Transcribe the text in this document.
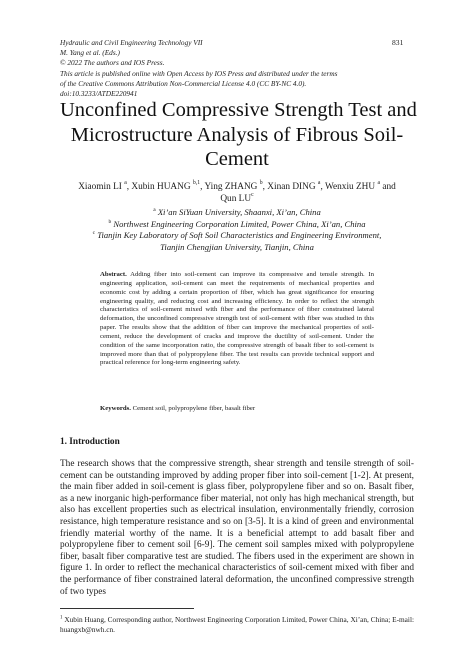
Hydraulic and Civil Engineering Technology VII
M. Yang et al. (Eds.)
© 2022 The authors and IOS Press.
This article is published online with Open Access by IOS Press and distributed under the terms
of the Creative Commons Attribution Non-Commercial License 4.0 (CC BY-NC 4.0).
doi:10.3233/ATDE220941
831
Unconfined Compressive Strength Test and
Microstructure Analysis of Fibrous Soil-
Cement
Xiaomin LI $^a$, Xubin HUANG $^{b,1}$, Ying ZHANG $^b$, Xinan DING $^a$, Wenxiu ZHU $^a$ and
Qun $LU^c$
$^a$ Xi’an SiYuan University, Shaanxi, Xi’an, China
$^b$ Northwest Engineering Corporation Limited, Power China, Xi’an, China
$^c$ Tianjin Key Laboratory of Soft Soil Characteristics and Engineering Environment,
Tianjin Chengjian University, Tianjin, China
Abstract. Adding fiber into soil-cement can improve its compressive and tensile strength. In engineering application, soil-cement can meet the requirements of mechanical properties and economic cost by adding a certain proportion of fiber, which has great significance for ensuring engineering quality, and reducing cost and increasing efficiency. In order to reflect the strength characteristics of soil-cement mixed with fiber and the performance of fiber constrained lateral deformation, the unconfined compressive strength test of soil-cement with fiber was studied in this paper. The results show that the addition of fiber can improve the mechanical properties of soil-cement, reduce the development of cracks and improve the ductility of soil-cement. Under the condition of the same incorporation ratio, the compressive strength of basalt fiber to soil-cement is improved more than that of polypropylene fiber. The test results can provide technical support and practical reference for long-term engineering safety.
Keywords. Cement soil, polypropylene fiber, basalt fiber
1. Introduction
The research shows that the compressive strength, shear strength and tensile strength of soil-cement can be outstanding improved by adding proper fiber into soil-cement [1-2]. At present, the main fiber added in soil-cement is glass fiber, polypropylene fiber and so on. Basalt fiber, as a new inorganic high-performance fiber material, not only has high mechanical strength, but also has excellent properties such as electrical insulation, environmentally friendly, corrosion resistance, high temperature resistance and so on [3-5]. It is a kind of green and environmental friendly material worthy of the name. It is a beneficial attempt to add basalt fiber and polypropylene fiber to cement soil [6-9]. The cement soil samples mixed with polypropylene fiber, basalt fiber comparative test are studied. The fibers used in the experiment are shown in figure 1. In order to reflect the mechanical characteristics of soil-cement mixed with fiber and the performance of fiber constrained lateral deformation, the unconfined compressive strength of two types
$^1$ Xubin Huang, Corresponding author, Northwest Engineering Corporation Limited, Power China, Xi’an, China; E-mail: huangxb@nwh.cn.
